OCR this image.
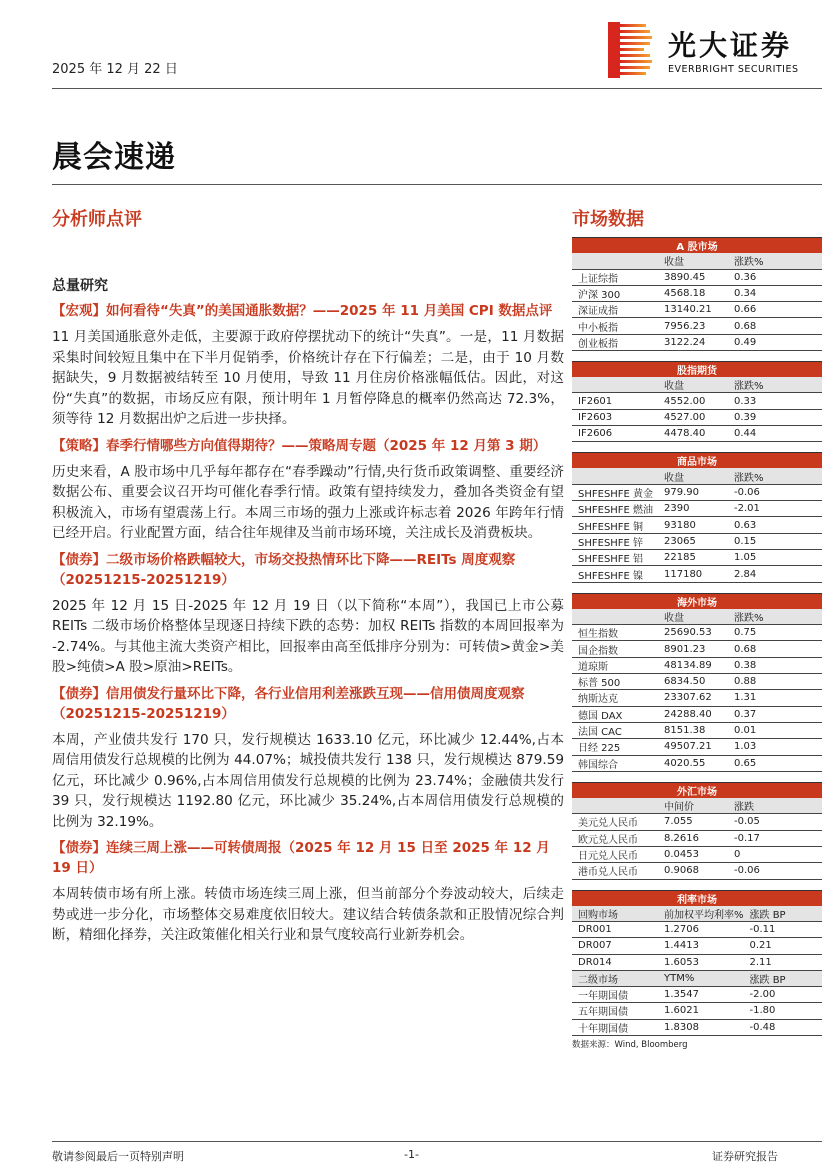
2025 年 12 月 22 日
光大证券
EVERBRIGHT SECURITIES
晨会速递
分析师点评
总量研究
【宏观】如何看待“失真”的美国通胀数据？——2025 年 11 月美国 CPI 数据点评
11 月美国通胀意外走低，主要源于政府停摆扰动下的统计“失真”。一是，11 月数据采集时间较短且集中在下半月促销季，价格统计存在下行偏差；二是，由于 10 月数据缺失，9 月数据被结转至 10 月使用，导致 11 月住房价格涨幅低估。因此，对这份“失真”的数据，市场反应有限，预计明年 1 月暂停降息的概率仍然高达 72.3%，须等待 12 月数据出炉之后进一步抉择。
【策略】春季行情哪些方向值得期待？——策略周专题（2025 年 12 月第 3 期）
历史来看，A 股市场中几乎每年都存在“春季躁动”行情,央行货币政策调整、重要经济数据公布、重要会议召开均可催化春季行情。政策有望持续发力，叠加各类资金有望积极流入，市场有望震荡上行。本周三市场的强力上涨或许标志着 2026 年跨年行情已经开启。行业配置方面，结合往年规律及当前市场环境，关注成长及消费板块。
【债券】二级市场价格跌幅较大，市场交投热情环比下降——REITs 周度观察（20251215-20251219）
2025 年 12 月 15 日-2025 年 12 月 19 日（以下简称“本周”），我国已上市公募 REITs 二级市场价格整体呈现逐日持续下跌的态势：加权 REITs 指数的本周回报率为 -2.74%。与其他主流大类资产相比，回报率由高至低排序分别为：可转债>黄金>美股>纯债>A 股>原油>REITs。
【债券】信用债发行量环比下降，各行业信用利差涨跌互现——信用债周度观察（20251215-20251219）
本周，产业债共发行 170 只，发行规模达 1633.10 亿元，环比减少 12.44%,占本周信用债发行总规模的比例为 44.07%；城投债共发行 138 只，发行规模达 879.59 亿元，环比减少 0.96%,占本周信用债发行总规模的比例为 23.74%；金融债共发行 39 只，发行规模达 1192.80 亿元，环比减少 35.24%,占本周信用债发行总规模的比例为 32.19%。
【债券】连续三周上涨——可转债周报（2025 年 12 月 15 日至 2025 年 12 月 19 日）
本周转债市场有所上涨。转债市场连续三周上涨，但当前部分个券波动较大，后续走势或进一步分化，市场整体交易难度依旧较大。建议结合转债条款和正股情况综合判断，精细化择券，关注政策催化相关行业和景气度较高行业新券机会。
市场数据
A 股市场		
	收盘	涨跌%
上证综指	3890.45	0.36
沪深 300	4568.18	0.34
深证成指	13140.21	0.66
中小板指	7956.23	0.68
创业板指	3122.24	0.49
股指期货		
	收盘	涨跌%
IF2601	4552.00	0.33
IF2603	4527.00	0.39
IF2606	4478.40	0.44
商品市场		
	收盘	涨跌%
SHFESHFE 黄金	979.90	-0.06
SHFESHFE 燃油	2390	-2.01
SHFESHFE 铜	93180	0.63
SHFESHFE 锌	23065	0.15
SHFESHFE 铝	22185	1.05
SHFESHFE 镍	117180	2.84
海外市场		
	收盘	涨跌%
恒生指数	25690.53	0.75
国企指数	8901.23	0.68
道琼斯	48134.89	0.38
标普 500	6834.50	0.88
纳斯达克	23307.62	1.31
德国 DAX	24288.40	0.37
法国 CAC	8151.38	0.01
日经 225	49507.21	1.03
韩国综合	4020.55	0.65
外汇市场		
	中间价	涨跌
美元兑人民币	7.055	-0.05
欧元兑人民币	8.2616	-0.17
日元兑人民币	0.0453	0
港币兑人民币	0.9068	-0.06
利率市场		
回购市场	前加权平均利率%	涨跌 BP
DR001	1.2706	-0.11
DR007	1.4413	0.21
DR014	1.6053	2.11
二级市场	YTM%	涨跌 BP
一年期国债	1.3547	-2.00
五年期国债	1.6021	-1.80
十年期国债	1.8308	-0.48
数据来源：Wind, Bloomberg
敬请参阅最后一页特别声明	-1-	证券研究报告
